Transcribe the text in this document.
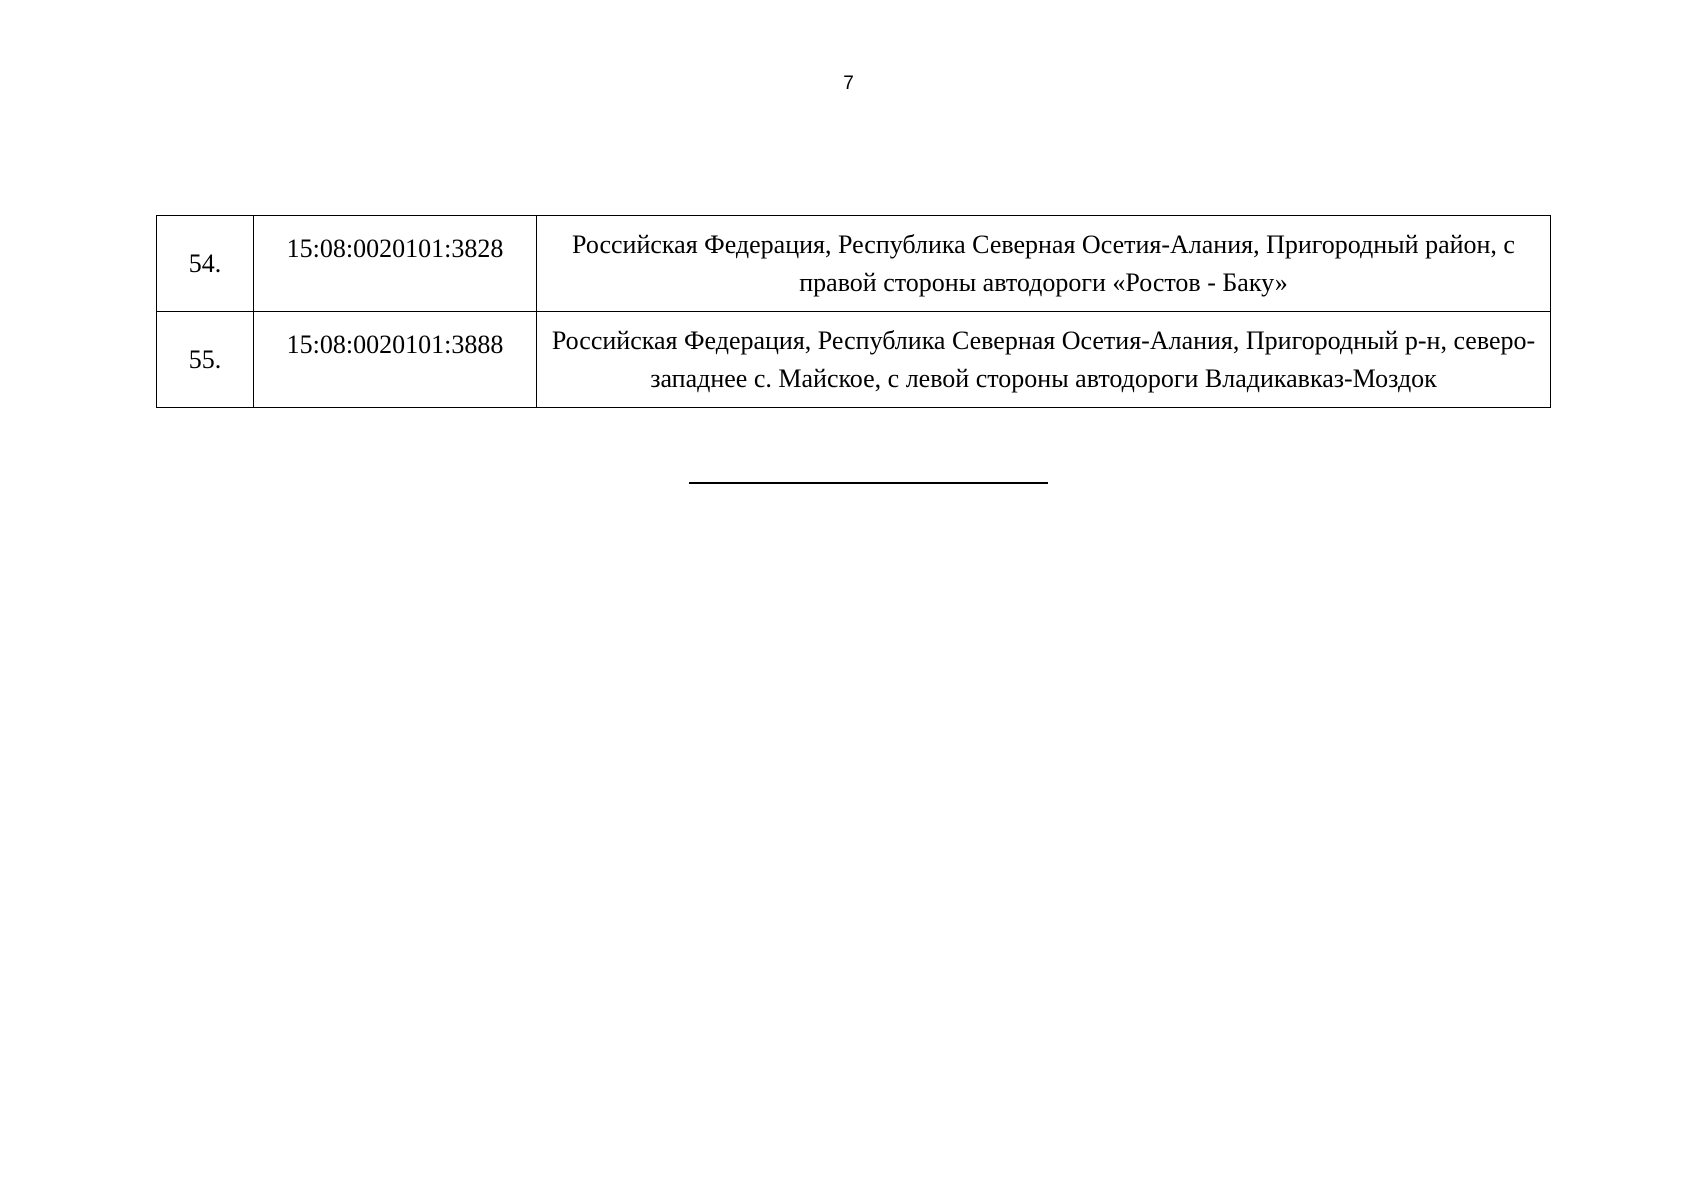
7
54.	15:08:0020101:3828	Российская Федерация, Республика Северная Осетия-Алания, Пригородный район, с правой стороны автодороги «Ростов - Баку»
55.	15:08:0020101:3888	Российская Федерация, Республика Северная Осетия-Алания, Пригородный р-н, северо-западнее с. Майское, с левой стороны автодороги Владикавказ-Моздок
